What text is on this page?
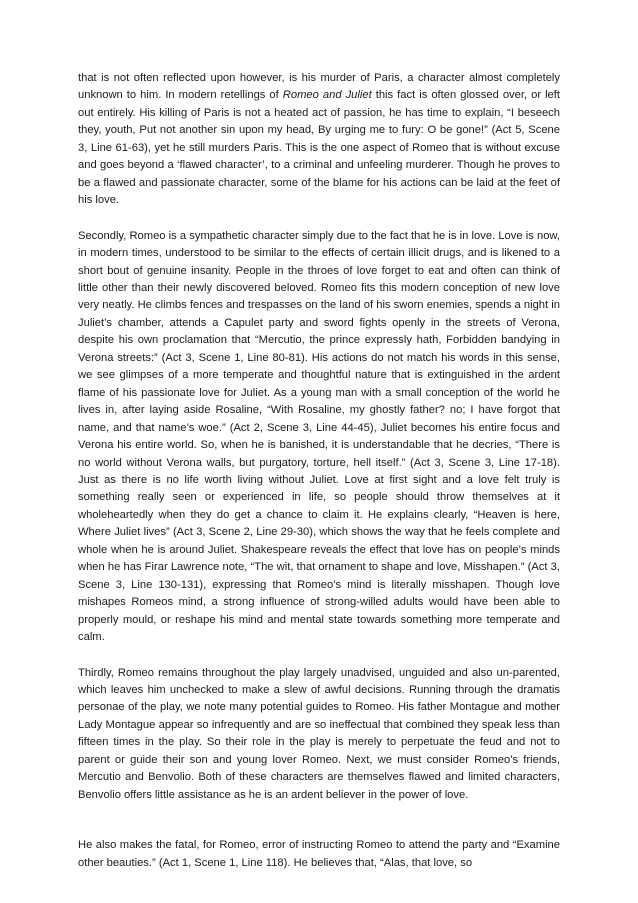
that is not often reflected upon however, is his murder of Paris, a character almost completely unknown to him. In modern retellings of Romeo and Juliet this fact is often glossed over, or left out entirely. His killing of Paris is not a heated act of passion, he has time to explain, “I beseech they, youth, Put not another sin upon my head, By urging me to fury: O be gone!” (Act 5, Scene 3, Line 61-63), yet he still murders Paris. This is the one aspect of Romeo that is without excuse and goes beyond a ‘flawed character’, to a criminal and unfeeling murderer. Though he proves to be a flawed and passionate character, some of the blame for his actions can be laid at the feet of his love.

Secondly, Romeo is a sympathetic character simply due to the fact that he is in love. Love is now, in modern times, understood to be similar to the effects of certain illicit drugs, and is likened to a short bout of genuine insanity. People in the throes of love forget to eat and often can think of little other than their newly discovered beloved. Romeo fits this modern conception of new love very neatly. He climbs fences and trespasses on the land of his sworn enemies, spends a night in Juliet’s chamber, attends a Capulet party and sword fights openly in the streets of Verona, despite his own proclamation that “Mercutio, the prince expressly hath, Forbidden bandying in Verona streets:” (Act 3, Scene 1, Line 80-81). His actions do not match his words in this sense, we see glimpses of a more temperate and thoughtful nature that is extinguished in the ardent flame of his passionate love for Juliet. As a young man with a small conception of the world he lives in, after laying aside Rosaline, “With Rosaline, my ghostly father? no; I have forgot that name, and that name’s woe.” (Act 2, Scene 3, Line 44-45), Juliet becomes his entire focus and Verona his entire world. So, when he is banished, it is understandable that he decries, “There is no world without Verona walls, but purgatory, torture, hell itself.” (Act 3, Scene 3, Line 17-18). Just as there is no life worth living without Juliet. Love at first sight and a love felt truly is something really seen or experienced in life, so people should throw themselves at it wholeheartedly when they do get a chance to claim it. He explains clearly, “Heaven is here, Where Juliet lives” (Act 3, Scene 2, Line 29-30), which shows the way that he feels complete and whole when he is around Juliet. Shakespeare reveals the effect that love has on people’s minds when he has Firar Lawrence note, “The wit, that ornament to shape and love, Misshapen.” (Act 3, Scene 3, Line 130-131), expressing that Romeo’s mind is literally misshapen. Though love mishapes Romeos mind, a strong influence of strong-willed adults would have been able to properly mould, or reshape his mind and mental state towards something more temperate and calm.

Thirdly, Romeo remains throughout the play largely unadvised, unguided and also un-parented, which leaves him unchecked to make a slew of awful decisions. Running through the dramatis personae of the play, we note many potential guides to Romeo. His father Montague and mother Lady Montague appear so infrequently and are so ineffectual that combined they speak less than fifteen times in the play. So their role in the play is merely to perpetuate the feud and not to parent or guide their son and young lover Romeo. Next, we must consider Romeo’s friends, Mercutio and Benvolio. Both of these characters are themselves flawed and limited characters, Benvolio offers little assistance as he is an ardent believer in the power of love.

He also makes the fatal, for Romeo, error of instructing Romeo to attend the party and “Examine other beauties.” (Act 1, Scene 1, Line 118). He believes that, “Alas, that love, so
